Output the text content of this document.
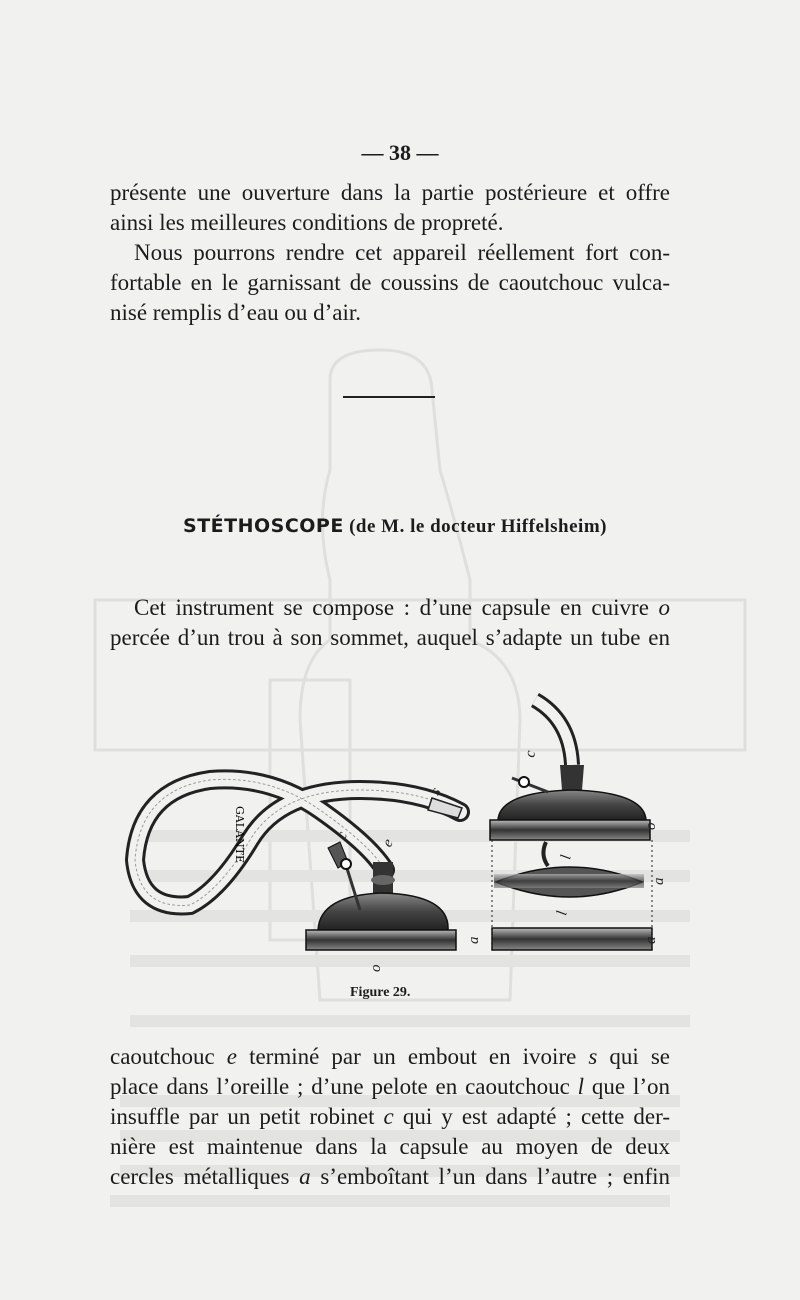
— 38 —
présente une ouverture dans la partie postérieure et offre
ainsi les meilleures conditions de propreté.
Nous pourrons rendre cet appareil réellement fort con-
fortable en le garnissant de coussins de caoutchouc vulca-
nisé remplis d’eau ou d’air.
STÉTHOSCOPE (de M. le docteur Hiffelsheim)
Cet instrument se compose : d’une capsule en cuivre o
percée d’un trou à son sommet, auquel s’adapte un tube en
GALANTE
s
c
e
o
c
o
l
a
l
a	a
Figure 29.
caoutchouc e terminé par un embout en ivoire s qui se
place dans l’oreille ; d’une pelote en caoutchouc l que l’on
insuffle par un petit robinet c qui y est adapté ; cette der-
nière est maintenue dans la capsule au moyen de deux
cercles métalliques a s’emboîtant l’un dans l’autre ; enfin
